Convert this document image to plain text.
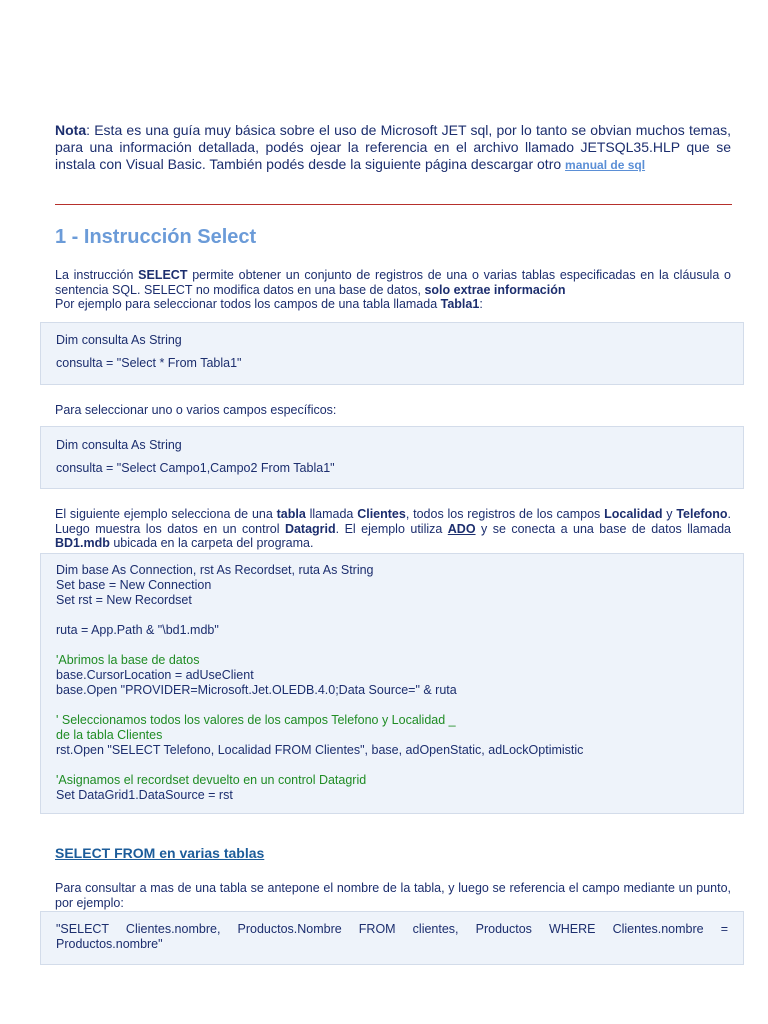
Nota: Esta es una guía muy básica sobre el uso de Microsoft JET sql, por lo tanto se obvian muchos temas, para una información detallada, podés ojear la referencia en el archivo llamado JETSQL35.HLP que se instala con Visual Basic. También podés desde la siguiente página descargar otro manual de sql
1 - Instrucción Select
La instrucción SELECT permite obtener un conjunto de registros de una o varias tablas especificadas en la cláusula o sentencia SQL. SELECT no modifica datos en una base de datos, solo extrae información
Por ejemplo para seleccionar todos los campos de una tabla llamada Tabla1:
Dim consulta As String
consulta = "Select * From Tabla1"
Para seleccionar uno o varios campos específicos:
Dim consulta As String
consulta = "Select Campo1,Campo2 From Tabla1"
El siguiente ejemplo selecciona de una tabla llamada Clientes, todos los registros de los campos Localidad y Telefono. Luego muestra los datos en un control Datagrid. El ejemplo utiliza ADO y se conecta a una base de datos llamada BD1.mdb ubicada en la carpeta del programa.
Dim base As Connection, rst As Recordset, ruta As String
Set base = New Connection
Set rst = New Recordset
ruta = App.Path & "\bd1.mdb"
'Abrimos la base de datos
base.CursorLocation = adUseClient
base.Open "PROVIDER=Microsoft.Jet.OLEDB.4.0;Data Source=" & ruta
' Seleccionamos todos los valores de los campos Telefono y Localidad _
de la tabla Clientes
rst.Open "SELECT Telefono, Localidad FROM Clientes", base, adOpenStatic, adLockOptimistic
'Asignamos el recordset devuelto en un control Datagrid
Set DataGrid1.DataSource = rst
SELECT FROM en varias tablas
Para consultar a mas de una tabla se antepone el nombre de la tabla, y luego se referencia el campo mediante un punto, por ejemplo:
"SELECT Clientes.nombre, Productos.Nombre FROM clientes, Productos WHERE Clientes.nombre = Productos.nombre"
